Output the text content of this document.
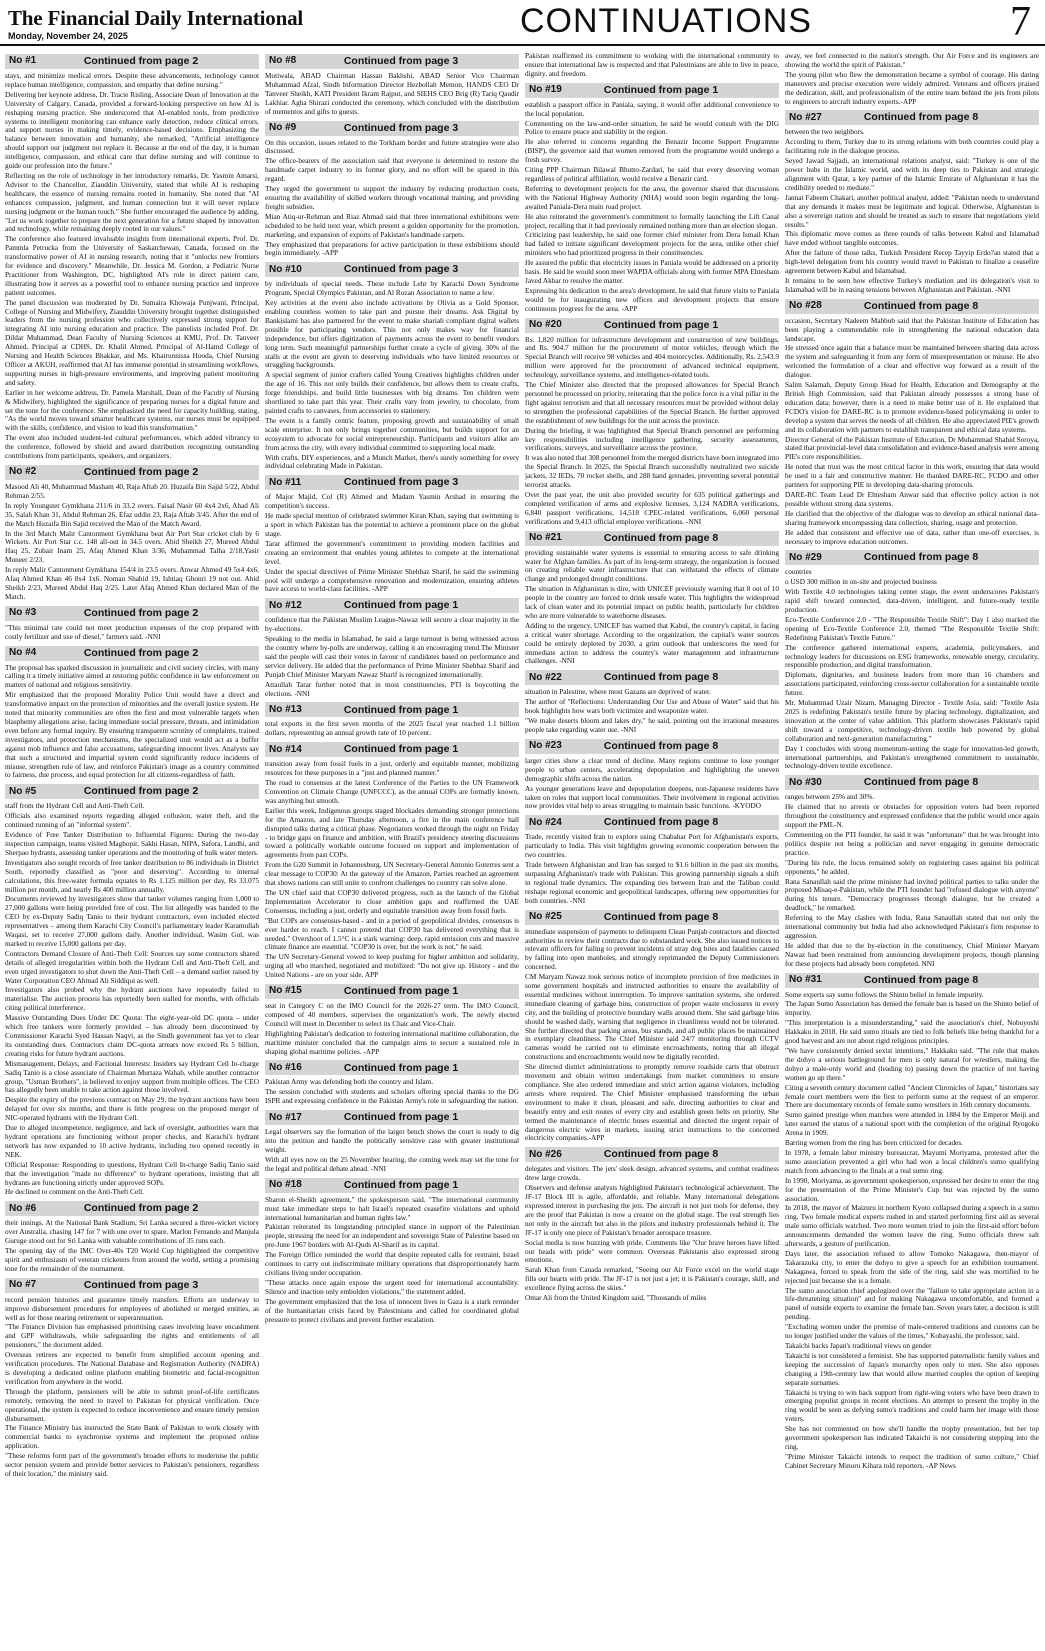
The Financial Daily International
Monday, November 24, 2025	CONTINUATIONS	7
No #1	Continued from page 2

stays, and minimize medical errors. Despite these advancements, technology cannot replace human intelligence, compassion, and empathy that define nursing."

Delivering her keynote address, Dr. Tracie Risling, Associate Dean of Innovation at the University of Calgary, Canada, provided a forward-looking perspective on how AI is reshaping nursing practice. She underscored that AI-enabled tools, from predictive systems to intelligent monitoring can enhance early detection, reduce clinical errors, and support nurses in making timely, evidence-based decisions. Emphasizing the balance between innovation and humanity, she remarked, "Artificial intelligence should support our judgment not replace it. Because at the end of the day, it is human intelligence, compassion, and ethical care that define nursing and will continue to guide our profession into the future."

Reflecting on the role of technology in her introductory remarks, Dr. Yasmin Amarsi, Advisor to the Chancellor, Ziauddin University, stated that while AI is reshaping healthcare, the essence of nursing remains rooted in humanity. She noted that "AI enhances compassion, judgment, and human connection but it will never replace nursing judgment or the human touch." She further encouraged the audience by adding, "Let us work together to prepare the next generation for a future shaped by innovation and technology, while remaining deeply rooted in our values."

The conference also featured invaluable insights from international experts. Prof. Dr. Pammla Petrucka from the University of Saskatchewan, Canada, focused on the transformative power of AI in nursing research, noting that it "unlocks new frontiers for evidence and discovery." Meanwhile, Dr. Jessica M. Gordon, a Pediatric Nurse Practitioner from Washington, DC, highlighted AI's role in direct patient care, illustrating how it serves as a powerful tool to enhance nursing practice and improve patient outcomes.

The panel discussion was moderated by Dr. Sumaira Khowaja Punjwani, Principal, College of Nursing and Midwifery, Ziauddin University brought together distinguished leaders from the nursing profession who collectively expressed strong support for integrating AI into nursing education and practice. The panelists included Prof. Dr. Dildar Muhammad, Dean Faculty of Nursing Sciences at KMU, Prof. Dr. Tanveer Ahmed, Principal at CDHS, Dr. Khalil Ahmed, Principal of Al-Hamd College of Nursing and Health Sciences Bhakkar, and Ms. Khairunnissa Hooda, Chief Nursing Officer at AKUH, reaffirmed that AI has immense potential in streamlining workflows, supporting nurses in high-pressure environments, and improving patient monitoring and safety.

Earlier in her welcome address, Dr. Pamela Marshall, Dean of the Faculty of Nursing & Midwifery, highlighted the significance of preparing nurses for a digital future and set the tone for the conference. She emphasized the need for capacity building, stating, "As the world moves toward smarter healthcare systems, our nurses must be equipped with the skills, confidence, and vision to lead this transformation."

The event also included student-led cultural performances, which added vibrancy to the conference, followed by shield and award distribution recognizing outstanding contributions from participants, speakers, and organizers.

No #2	Continued from page 2

Masood Ali 40, Muhammad Masham 40, Raja Aftab 20. Huzaifa Bin Sajid 5/22, Abdul Rehman 2/55.

In reply Youngster Gymkhana 211/6 in 33.2 overs. Faisal Nasir 60 4x4 2x6, Ahad Ali 35, Salah Khan 31, Abdul Rehman 26, Efaz uddin 23, Raja Aftab 3/45. After the end of the Match Huzaifa Bin Sajid received the Man of the Match Award.

In the 3rd Match Malir Cantonment Gymkhana beat Air Port Star cricket club by 6 Wickets. Air Port Star c.c. 148 all-out in 34.5 overs. Abid Sheikh 27, Mureed Abdul Haq 25, Zubair Inam 25, Afaq Ahmed Khan 3/36, Muhammad Talha 2/18,Yasir Muneer 2/23.

In reply Malir Cantonment Gymkhana 154/4 in 23.5 overs. Anwar Ahmed 49 5x4 4x6, Afaq Ahmed Khan 46 8x4 1x6. Noman Shahid 19, Ishtiaq Ghouri 19 not out. Abid Sheikh 2/23, Mureed Abdul Haq 2/25. Later Afaq Ahmed Khan declared Man of the Match.

No #3	Continued from page 2

"This minimal rate could not meet production expenses of the crop prepared with costly fertilizer and use of diesel," farmers said. -NNI

No #4	Continued from page 2

The proposal has sparked discussion in journalistic and civil society circles, with many calling it a timely initiative aimed at restoring public confidence in law enforcement on matters of national and religious sensitivity.

Mir emphasized that the proposed Morality Police Unit would have a direct and transformative impact on the protection of minorities and the overall justice system. He noted that minority communities are often the first and most vulnerable targets when blasphemy allegations arise, facing immediate social pressure, threats, and intimidation even before any formal inquiry. By ensuring transparent scrutiny of complaints, trained investigators, and protection mechanisms, the specialized unit would act as a buffer against mob influence and false accusations, safeguarding innocent lives. Analysts say that such a structured and impartial system could significantly reduce incidents of misuse, strengthen rule of law, and reinforce Pakistan's image as a country committed to fairness, due process, and equal protection for all citizens-regardless of faith.

No #5	Continued from page 2

staff from the Hydrant Cell and Anti-Theft Cell.

Officials also examined reports regarding alleged collusion, water theft, and the continued running of an "informal system".

Evidence of Free Tanker Distribution to Influential Figures: During the two-day inspection campaign, teams visited Maghopir, Sakhi Hasan, NIPA, Safora, Landhi, and Sherpao hydrants, assessing tanker operations and the monitoring of bulk water meters.

Investigators also sought records of free tanker distribution to 86 individuals in District South, reportedly classified as "poor and deserving". According to internal calculations, this free-water formula equates to Rs 1.125 million per day, Rs 33.075 million per month, and nearly Rs 400 million annually.

Documents reviewed by investigators show that tanker volumes ranging from 1,000 to 27,000 gallons were being provided free of cost. The list allegedly was handed to the CEO by ex-Deputy Sadiq Tanio to their hydrant contractors, even included elected representatives – among them Karachi City Council's parliamentary leader Karamullah Waqasi, set to receive 27,000 gallons daily. Another individual, Wasim Gul, was marked to receive 15,000 gallons per day.

Contractors Demand Closure of Anti-Theft Cell: Sources say some contractors shared details of alleged irregularities within both the Hydrant Cell and Anti-Theft Cell, and even urged investigators to shut down the Anti-Theft Cell – a demand earlier raised by Water Corporation CEO Ahmad Ali Siddiqui as well.

Investigators also probed why the hydrant auctions have repeatedly failed to materialise. The auction process has reportedly been stalled for months, with officials citing political interference.

Massive Outstanding Dues Under DC Quota: The eight-year-old DC quota – under which free tankers were formerly provided – has already been discontinued by Commissioner Karachi Syed Hassan Naqvi, as the Sindh government has yet to clear its outstanding dues. Contractors claim DC-quota arrears now exceed Rs 5 billion, creating risks for future hydrant auctions.

Mismanagement, Delays, and Factional Interests: Insiders say Hydrant Cell In-charge Sadiq Tanio is a close associate of Chairman Murtaza Wahab, while another contractor group, "Usman Brothers", is believed to enjoy support from multiple offices. The CEO has allegedly been unable to take action against those involved.

Despite the expiry of the previous contract on May 29, the hydrant auctions have been delayed for over six months, and there is little progress on the proposed merger of NIC-operated hydrants with the Hydrant Cell.

Due to alleged incompetence, negligence, and lack of oversight, authorities warn that hydrant operations are functioning without proper checks, and Karachi's hydrant network has now expanded to 10 active hydrants, including two opened recently in NEK.

Official Response: Responding to questions, Hydrant Cell In-charge Sadiq Tanio said that the investigation "made no difference" to hydrant operations, insisting that all hydrants are functioning strictly under approved SOPs.

He declined to comment on the Anti-Theft Cell.

No #6	Continued from page 2

their innings. At the National Bank Stadium, Sri Lanka secured a three-wicket victory over Australia, chasing 147 for 7 with one over to spare. Marlon Fernando and Manjula Guruge stood out for Sri Lanka with valuable contributions of 35 runs each.

The opening day of the IMC Over-40s T20 World Cup highlighted the competitive spirit and enthusiasm of veteran cricketers from around the world, setting a promising tone for the remainder of the tournament.

No #7	Continued from page 3

record pension histories and guarantee timely transfers. Efforts are underway to improve disbursement procedures for employees of abolished or merged entities, as well as for those nearing retirement or superannuation.

"The Finance Division has emphasised prioritising cases involving leave encashment and GPF withdrawals, while safeguarding the rights and entitlements of all pensioners," the document added.

Overseas retirees are expected to benefit from simplified account opening and verification procedures. The National Database and Registration Authority (NADRA) is developing a dedicated online platform enabling biometric and facial-recognition verification from anywhere in the world.

Through the platform, pensioners will be able to submit proof-of-life certificates remotely, removing the need to travel to Pakistan for physical verification. Once operational, the system is expected to reduce inconvenience and ensure timely pension disbursement.

The Finance Ministry has instructed the State Bank of Pakistan to work closely with commercial banks to synchronise systems and implement the proposed online application.

"These reforms form part of the government's broader efforts to modernise the public sector pension system and provide better services to Pakistan's pensioners, regardless of their location," the ministry said.

No #8	Continued from page 3

Motiwala, ABAD Chairman Hassan Bakhshi, ABAD Senior Vice Chairman Muhammad Afzal, Sindh Information Director Hezbollah Memon, HANDS CEO Dr Tanveer Sheikh, KATI President Ikram Rajput, and SIEHS CEO Brig (R) Tariq Qaudir Lakhiar. Agha Shirazi conducted the ceremony, which concluded with the distribution of mementos and gifts to guests.

No #9	Continued from page 3

On this occasion, issues related to the Torkham border and future strategies were also discussed.

The office-bearers of the association said that everyone is determined to restore the handmade carpet industry to its former glory, and no effort will be spared in this regard.

They urged the government to support the industry by reducing production costs, ensuring the availability of skilled workers through vocational training, and providing freight subsidies.

Mian Atiq-ur-Rehman and Riaz Ahmad said that three international exhibitions were scheduled to be held next year, which present a golden opportunity for the promotion, marketing, and expansion of exports of Pakistan's handmade carpets.

They emphasized that preparations for active participation in these exhibitions should begin immediately. -APP

No #10	Continued from page 3

by individuals of special needs. These include Lehr by Karachi Down Syndrome Program, Special Olympics Pakistan, and Al Rozan Association to name a few.

Key activities at the event also include activations by Olivia as a Gold Sponsor, enabling countless women to take part and pursue their dreams. Ask Digital by Bankislami has also partnered for the event to make shariah compliant digital wallets possible for participating vendors. This not only makes way for financial independence, but offers digitization of payments across the event to benefit vendors long term. Such meaningful partnerships further create a cycle of giving. 30% of the stalls at the event are given to deserving individuals who have limited resources or struggling backgrounds.

A special segment of junior crafters called Young Creatives highlights children under the age of 16. This not only builds their confidence, but allows them to create crafts, forge friendships, and build little businesses with big dreams. Ten children were shortlisted to take part this year. Their crafts vary from jewelry, to chocolate, from painted crafts to canvases, from accessories to stationery.

The event is a family centric feature, proposing growth and sustainability of small scale enterprise. It not only brings together communities, but builds support for an ecosystem to advocate for social entrepreneurship. Participants and visitors alike are from across the city, with every individual committed to supporting local made.

With crafts, DIY experiences, and a Munch Market, there's surely something for every individual celebrating Made in Pakistan.

No #11	Continued from page 3

of Major Majid, Col (R) Ahmed and Madam Yasmin Arshad in ensuring the competition's success.

He made special mention of celebrated swimmer Kiran Khan, saying that swimming is a sport in which Pakistan has the potential to achieve a prominent place on the global stage.

Tarar affirmed the government's commitment to providing modern facilities and creating an environment that enables young athletes to compete at the international level.

Under the special directives of Prime Minister Shehbaz Sharif, he said the swimming pool will undergo a comprehensive renovation and modernization, ensuring athletes have access to world-class facilities. -APP

No #12	Continued from page 1

confidence that the Pakistan Muslim League-Nawaz will secure a clear majority in the by-elections.

Speaking to the media in Islamabad, he said a large turnout is being witnessed across the country where by-polls are underway, calling it an encouraging trend.The Minister said the people will cast their votes in favour of candidates based on performance and service delivery. He added that the performance of Prime Minister Shehbaz Sharif and Punjab Chief Minister Maryam Nawaz Sharif is recognized internationally.

Attaullah Tarar further noted that in most constituencies, PTI is boycotting the elections. -NNI

No #13	Continued from page 1

total exports in the first seven months of the 2025 fiscal year reached 1.1 billion dollars, representing an annual growth rate of 10 percent.

No #14	Continued from page 1

transition away from fossil fuels in a just, orderly and equitable manner, mobilizing resources for these purposes in a "just and planned manner."

The road to consensus at the latest Conference of the Parties to the UN Framework Convention on Climate Change (UNFCCC), as the annual COPs are formally known, was anything but smooth.

Earlier this week, Indigenous groups staged blockades demanding stronger protections for the Amazon, and late Thursday afternoon, a fire in the main conference hall disrupted talks during a critical phase. Negotiators worked through the night on Friday - to bridge gaps on finance and ambition, with Brazil's presidency steering discussions toward a politically workable outcome focused on support and implementation of agreements from past COPs.

From the G20 Summit in Johannesburg, UN Secretary-General Antonio Guterres sent a clear message to COP30: At the gateway of the Amazon, Parties reached an agreement that shows nations can still unite to confront challenges no country can solve alone.

The UN chief said that COP30 delivered progress, such as the launch of the Global Implementation Accelerator to close ambition gaps and reaffirmed the UAE Consensus, including a just, orderly and equitable transition away from fossil fuels.

"But COPs are consensus-based - and in a period of geopolitical divides, consensus is ever harder to reach. I cannot pretend that COP30 has delivered everything that is needed." Overshoot of 1.5°C is a stark warning: deep, rapid emission cuts and massive climate finance are essential. "COP30 is over, but the work is not," he said.

The UN Secretary-General vowed to keep pushing for higher ambition and solidarity, urging all who marched, negotiated and mobilized: "Do not give up. History - and the United Nations - are on your side. APP

No #15	Continued from page 1

seat in Category C on the IMO Council for the 2026-27 term. The IMO Council, composed of 40 members, supervises the organization's work. The newly elected Council will meet in December to select its Chair and Vice-Chair.

Highlighting Pakistan's dedication to fostering international maritime collaboration, the maritime minister concluded that the campaign aims to secure a sustained role in shaping global maritime policies. -APP

No #16	Continued from page 1

Pakistan Army was defending both the country and Islam.

The session concluded with students and scholars offering special thanks to the DG ISPR and expressing confidence in the Pakistan Army's role in safeguarding the nation.

No #17	Continued from page 1

Legal observers say the formation of the larger bench shows the court is ready to dig into the petition and handle the politically sensitive case with greater institutional weight.

With all eyes now on the 25 November hearing, the coming week may set the tone for the legal and political debate ahead. -NNI

No #18	Continued from page 1

Sharon el-Sheikh agreement," the spokesperson said. "The international community must take immediate steps to halt Israel's repeated ceasefire violations and uphold international humanitarian and human rights law."

Pakistan reiterated its longstanding principled stance in support of the Palestinian people, stressing the need for an independent and sovereign State of Palestine based on pre-June 1967 borders with Al-Quds Al-Sharif as its capital.

The Foreign Office reminded the world that despite repeated calls for restraint, Israel continues to carry out indiscriminate military operations that disproportionately harm civilians living under occupation.

"These attacks once again expose the urgent need for international accountability. Silence and inaction only embolden violations," the statement added.

The government emphasized that the loss of innocent lives in Gaza is a stark reminder of the humanitarian crisis faced by Palestinians and called for coordinated global pressure to protect civilians and prevent further escalation.

Pakistan reaffirmed its commitment to working with the international community to ensure that international law is respected and that Palestinians are able to live in peace, dignity, and freedom.

No #19	Continued from page 1

establish a passport office in Paniala, saying, it would offer additional convenience to the local population.

Commenting on the law-and-order situation, he said he would consult with the DIG Police to ensure peace and stability in the region.

He also referred to concerns regarding the Benazir Income Support Programme (BISP), the governor said that women removed from the programme would undergo a fresh survey.

Citing PPP Chairman Bilawal Bhutto-Zardari, he said that every deserving woman regardless of political affiliation, would receive a Benazir card.

Referring to development projects for the area, the governor shared that discussions with the National Highway Authority (NHA) would soon begin regarding the long-awaited Paniala-Dera main road project.

He also reiterated the government's commitment to formally launching the Lift Canal project, recalling that it had previously remained nothing more than an election slogan.

Criticizing past leadership, he said one former chief minister from Dera Ismail Khan had failed to initiate significant development projects for the area, unlike other chief ministers who had prioritized progress in their constituencies.

He assured the public that electricity issues in Paniala would be addressed on a priority basis. He said he would soon meet WAPDA officials along with former MPA Ehtesham Javed Akbar to resolve the matter.

Expressing his dedication to the area's development, he said that future visits to Paniala would be for inaugurating new offices and development projects that ensure continuous progress for the area. -APP

No #20	Continued from page 1

Rs. 1,820 million for infrastructure development and construction of new buildings, and Rs. 904.7 million for the procurement of motor vehicles, through which the Special Branch will receive 98 vehicles and 404 motorcycles. Additionally, Rs. 2,543.9 million were approved for the procurement of advanced technical equipment, technology, surveillance systems, and intelligence-related tools.

The Chief Minister also directed that the proposed allowances for Special Branch personnel be processed on priority, reiterating that the police force is a vital pillar in the fight against terrorism and that all necessary resources must be provided without delay to strengthen the professional capabilities of the Special Branch. He further approved the establishment of new buildings for the unit across the province.

During the briefing, it was highlighted that Special Branch personnel are performing key responsibilities including intelligence gathering, security assessments, verifications, surveys, and surveillance across the province.

It was also noted that 308 personnel from the merged districts have been integrated into the Special Branch. In 2025, the Special Branch successfully neutralized two suicide jackets, 32 IEDs, 70 rocket shells, and 288 hand grenades, preventing several potential terrorist attacks.

Over the past year, the unit also provided security for 635 political gatherings and completed verification of arms and explosive licenses, 3,124 NADRA verifications, 6,840 passport verifications, 14,518 CPEC-related verifications, 6,060 personal verifications and 9,413 official employee verifications. -NNI

No #21	Continued from page 8

providing sustainable water systems is essential to ensuring access to safe drinking water for Afghan families. As part of its long-term strategy, the organization is focused on creating reliable water infrastructure that can withstand the effects of climate change and prolonged drought conditions.

The situation in Afghanistan is dire, with UNICEF previously warning that 8 out of 10 people in the country are forced to drink unsafe water. This highlights the widespread lack of clean water and its potential impact on public health, particularly for children who are more vulnerable to waterborne diseases.

Adding to the urgency, UNICEF has warned that Kabul, the country's capital, is facing a critical water shortage. According to the organization, the capital's water sources could be entirely depleted by 2030, a grim outlook that underscores the need for immediate action to address the country's water management and infrastructure challenges. -NNI

No #22	Continued from page 8

situation in Palestine, where most Gazans are deprived of water.

The author of "Reflections: Understanding Our Use and Abuse of Water" said that his book highlights how wars both victimize and weaponize water.

"We make deserts bloom and lakes dry," he said, pointing out the irrational measures people take regarding water use. -NNI

No #23	Continued from page 8

larger cities show a clear trend of decline. Many regions continue to lose younger people to urban centers, accelerating depopulation and highlighting the uneven demographic shifts across the nation.

As younger generations leave and depopulation deepens, non-Japanese residents have taken on roles that support local communities. Their involvement in regional activities now provides vital help to areas struggling to maintain basic functions. -KYODO

No #24	Continued from page 8

Trade, recently visited Iran to explore using Chabahar Port for Afghanistan's exports, particularly to India. This visit highlights growing economic cooperation between the two countries.

Trade between Afghanistan and Iran has surged to $1.6 billion in the past six months, surpassing Afghanistan's trade with Pakistan. This growing partnership signals a shift in regional trade dynamics. The expanding ties between Iran and the Taliban could reshape regional economic and geopolitical landscapes, offering new opportunities for both countries. -NNI

No #25	Continued from page 8

immediate suspension of payments to delinquent Clean Punjab contractors and directed authorities to review their contracts due to substandard work. She also issued notices to relevant officers for failing to prevent incidents of stray dog bites and fatalities caused by falling into open manholes, and strongly reprimanded the Deputy Commissioners concerned.

CM Maryam Nawaz took serious notice of incomplete provision of free medicines in some government hospitals and instructed authorities to ensure the availability of essential medicines without interruption. To improve sanitation systems, she ordered immediate cleaning of garbage bins, construction of proper waste enclosures in every city, and the building of protective boundary walls around them. She said garbage bins should be washed daily, warning that negligence in cleanliness would not be tolerated. She further directed that parking areas, bus stands, and all public places be maintained in exemplary cleanliness. The Chief Minister said 24/7 monitoring through CCTV cameras would be carried out to eliminate encroachments, noting that all illegal constructions and encroachments would now be digitally recorded.

She directed district administrations to promptly remove roadside carts that obstruct movement and obtain written undertakings from market committees to ensure compliance. She also ordered immediate and strict action against violators, including arrests where required. The Chief Minister emphasised transforming the urban environment to make it clean, pleasant and safe, directing authorities to clear and beautify entry and exit routes of every city and establish green belts on priority. She termed the maintenance of electric buses essential and directed the urgent repair of dangerous electric wires in markets, issuing strict instructions to the concerned electricity companies.-APP

No #26	Continued from page 8

delegates and visitors. The jets' sleek design, advanced systems, and combat readiness drew large crowds.

Observers and defense analysts highlighted Pakistan's technological achievement. The JF-17 Block III is agile, affordable, and reliable. Many international delegations expressed interest in purchasing the jets. The aircraft is not just tools for defense, they are the proof that Pakistan is now a creator on the global stage. The real strength lies not only in the aircraft but also in the pilots and industry professionals behind it. The JF-17 is only one piece of Pakistan's broader aerospace treasure.

Social media is now buzzing with pride. Comments like "Our brave heroes have lifted our heads with pride" were common. Overseas Pakistanis also expressed strong emotions.

Sarah Khan from Canada remarked, "Seeing our Air Force excel on the world stage fills our hearts with pride. The JF-17 is not just a jet; it is Pakistan's courage, skill, and excellence flying across the skies."

Omar Ali from the United Kingdom said, "Thousands of miles

away, we feel connected to the nation's strength. Our Air Force and its engineers are showing the world the spirit of Pakistan."

The young pilot who flew the demonstration became a symbol of courage. His daring maneuvers and precise execution were widely admired. Veterans and officers praised the dedication, skill, and professionalism of the entire team behind the jets from pilots to engineers to aircraft industry experts.-APP

No #27	Continued from page 8

between the two neighbors.

According to them, Turkey due to its strong relations with both countries could play a facilitating role in the dialogue process.

Seyed Jawad Sajjadi, an international relations analyst, said: "Turkey is one of the power hubs in the Islamic world, and with its deep ties to Pakistan and strategic alignment with Qatar, a key partner of the Islamic Emirate of Afghanistan it has the credibility needed to mediate."

Jannat Fabeem Chakari, another political analyst, added: "Pakistan needs to understand that any demands it makes must be legitimate and logical. Otherwise, Afghanistan is also a sovereign nation and should be treated as such to ensure that negotiations yield results."

This diplomatic move comes as three rounds of talks between Kabul and Islamabad have ended without tangible outcomes.

After the failure of those talks, Turkish President Recep Tayyip Erdo?an stated that a high-level delegation from his country would travel to Pakistan to finalize a ceasefire agreement between Kabul and Islamabad.

It remains to be seen how effective Turkey's mediation and its delegation's visit to Islamabad will be in easing tensions between Afghanistan and Pakistan. -NNI

No #28	Continued from page 8

occasion, Secretary Nadeem Mahbub said that the Pakistan Institute of Education has been playing a commendable role in strengthening the national education data landscape.

He stressed once again that a balance must be maintained between sharing data across the system and safeguarding it from any form of misrepresentation or misuse. He also welcomed the formulation of a clear and effective way forward as a result of the dialogue.

Salim Salamah, Deputy Group Head for Health, Education and Demography at the British High Commission, said that Pakistan already possesses a strong base of education data; however, there is a need to make better use of it. He explained that FCDO's vision for DARE-RC is to promote evidence-based policymaking in order to develop a system that serves the needs of all children. He also appreciated PIE's growth and its collaboration with partners to establish transparent and ethical data systems.

Director General of the Pakistan Institute of Education, Dr Muhammad Shahid Soroya, stated that provincial-level data consolidation and evidence-based analysis were among PIE's core responsibilities.

He noted that trust was the most critical factor in this work, ensuring that data would be used in a fair and constructive manner. He thanked DARE-RC, FCDO and other partners for supporting PIE in developing data-sharing protocols.

DARE-RC Team Lead Dr Ehtesham Anwar said that effective policy action is not possible without strong data systems.

He clarified that the objective of the dialogue was to develop an ethical national data-sharing framework encompassing data collection, sharing, usage and protection.

He added that consistent and effective use of data, rather than one-off exercises, is necessary to improve education outcomes.

No #29	Continued from page 8

countries

o USD 300 million in on-site and projected business

With Textile 4.0 technologies taking center stage, the event underscores Pakistan's rapid shift toward connected, data-driven, intelligent, and future-ready textile production.

Eco-Textile Conference 2.0 - "The Responsible Textile Shift": Day 1 also marked the opening of Eco-Textile Conference 2.0, themed "The Responsible Textile Shift: Redefining Pakistan's Textile Future."

The conference gathered international experts, academia, policymakers, and technology leaders for discussions on ESG frameworks, renewable energy, circularity, responsible production, and digital transformation.

Diplomats, dignitaries, and business leaders from more than 16 chambers and associations participated, reinforcing cross-sector collaboration for a sustainable textile future.

Mr. Muhammad Uzair Nizam, Managing Director - Textile Asia, said: "Textile Asia 2025 is redefining Pakistan's textile future by placing technology, digitalization, and innovation at the center of value addition. This platform showcases Pakistan's rapid shift toward a competitive, technology-driven textile hub powered by global collaboration and next-generation manufacturing."

Day 1 concludes with strong momentum-setting the stage for innovation-led growth, international partnerships, and Pakistan's strengthened commitment to sustainable, technology-driven textile excellence.

No #30	Continued from page 8

ranges between 25% and 30%.

He claimed that no arrests or obstacles for opposition voters had been reported throughout the constituency and expressed confidence that the public would once again support the PML-N.

Commenting on the PTI founder, he said it was "unfortunate" that he was brought into politics despite not being a politician and never engaging in genuine democratic practice.

"During his rule, the focus remained solely on registering cases against his political opponents," he added.

Rana Sanaullah said the prime minister had invited political parties to talks under the proposed Misaq-e-Pakistan, while the PTI founder had "refused dialogue with anyone" during his tenure. "Democracy progresses through dialogue, but he created a deadlock," he remarked.

Referring to the May clashes with India, Rana Sanaullah stated that not only the international community but India had also acknowledged Pakistan's firm response to aggression.

He added that due to the by-election in the constituency, Chief Minister Maryam Nawaz had been restrained from announcing development projects, though planning for these projects had already been completed. NNI

No #31	Continued from page 8

Some experts say sumo follows the Shinto belief in female impurity.

The Japan Sumo Association has denied the female ban is based on the Shinto belief of impurity.

"This interpretation is a misunderstanding," said the association's chief, Nobuyoshi Hakkaku in 2018. He said sumo rituals are tied to folk beliefs like being thankful for a good harvest and are not about rigid religious principles.

"We have consistently denied sexist intentions," Hakkaku said. "The rule that makes the dohyo a serious battleground for men is only natural for wrestlers, making the dohyo a male-only world and (leading to) passing down the practice of not having women go up there."

Citing a seventh century document called "Ancient Chronicles of Japan," historians say female court members were the first to perform sumo at the request of an emperor. There are documentary records of female sumo wrestlers in 16th century documents.

Sumo gained prestige when matches were attended in 1884 by the Emperor Meiji and later earned the status of a national sport with the completion of the original Ryogoku Arena in 1909.

Barring women from the ring has been criticized for decades.

In 1978, a female labor ministry bureaucrat, Mayumi Moriyama, protested after the sumo association prevented a girl who had won a local children's sumo qualifying match from advancing to the finals at a real sumo ring.

In 1990, Moriyama, as government spokesperson, expressed her desire to enter the ring for the presentation of the Prime Minister's Cup but was rejected by the sumo association.

In 2018, the mayor of Maizuru in northern Kyoto collapsed during a speech in a sumo ring. Two female medical experts rushed in and started performing first aid as several male sumo officials watched. Two more women tried to join the first-aid effort before announcements demanded the women leave the ring. Sumo officials threw salt afterwards, a gesture of purification.

Days later, the association refused to allow Tomoko Nakagawa, then-mayor of Takarazuka city, to enter the dohyo to give a speech for an exhibition tournament. Nakagawa, forced to speak from the side of the ring, said she was mortified to be rejected just because she is a female.

The sumo association chief apologized over the "failure to take appropriate action in a life-threatening situation" and for making Nakagawa uncomfortable, and formed a panel of outside experts to examine the female ban. Seven years later, a decision is still pending.

"Excluding women under the premise of male-centered traditions and customs can be no longer justified under the values of the times," Kobayashi, the professor, said.

Takaichi backs Japan's traditional views on gender

Takaichi is not considered a feminist. She has supported paternalistic family values and keeping the succession of Japan's monarchy open only to men. She also opposes changing a 19th-century law that would allow married couples the option of keeping separate surnames.

Takaichi is trying to win back support from right-wing voters who have been drawn to emerging populist groups in recent elections. An attempt to present the trophy in the ring would be seen as defying sumo's traditions and could harm her image with those voters.

She has not commented on how she'll handle the trophy presentation, but her top government spokesperson has indicated Takaichi is not considering stepping into the ring.

"Prime Minister Takaichi intends to respect the tradition of sumo culture," Chief Cabinet Secretary Minoru Kihara told reporters. -AP News
